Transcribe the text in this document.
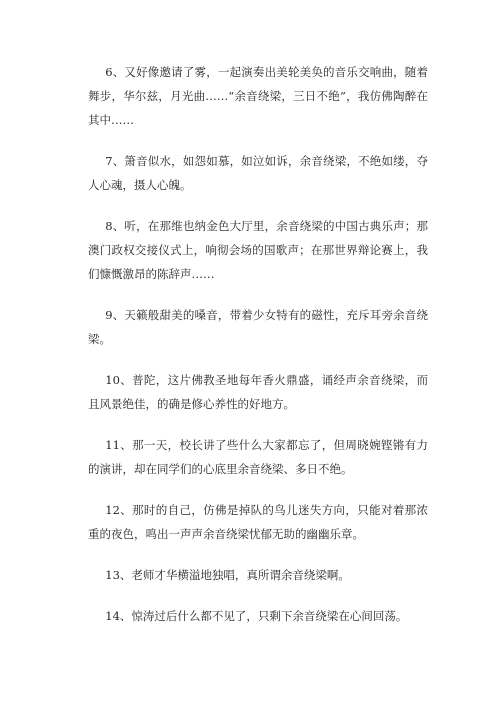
6、又好像邀请了雾，一起演奏出美轮美奂的音乐交响曲，随着舞步，华尔兹，月光曲……“余音绕梁，三日不绝”，我仿佛陶醉在其中……

7、箫音似水，如怨如慕，如泣如诉，余音绕梁，不绝如缕，夺人心魂，摄人心魄。

8、听，在那维也纳金色大厅里，余音绕梁的中国古典乐声；那澳门政权交接仪式上，响彻会场的国歌声；在那世界辩论赛上，我们慷慨激昂的陈辞声……

9、天籁般甜美的嗓音，带着少女特有的磁性，充斥耳旁余音绕梁。

10、普陀，这片佛教圣地每年香火鼎盛，诵经声余音绕梁，而且风景绝佳，的确是修心养性的好地方。

11、那一天，校长讲了些什么大家都忘了，但周晓婉铿锵有力的演讲，却在同学们的心底里余音绕梁、多日不绝。

12、那时的自己，仿佛是掉队的鸟儿迷失方向，只能对着那浓重的夜色，鸣出一声声余音绕梁忧郁无助的幽幽乐章。

13、老师才华横溢地独唱，真所谓余音绕梁啊。

14、惊涛过后什么都不见了，只剩下余音绕梁在心间回荡。
